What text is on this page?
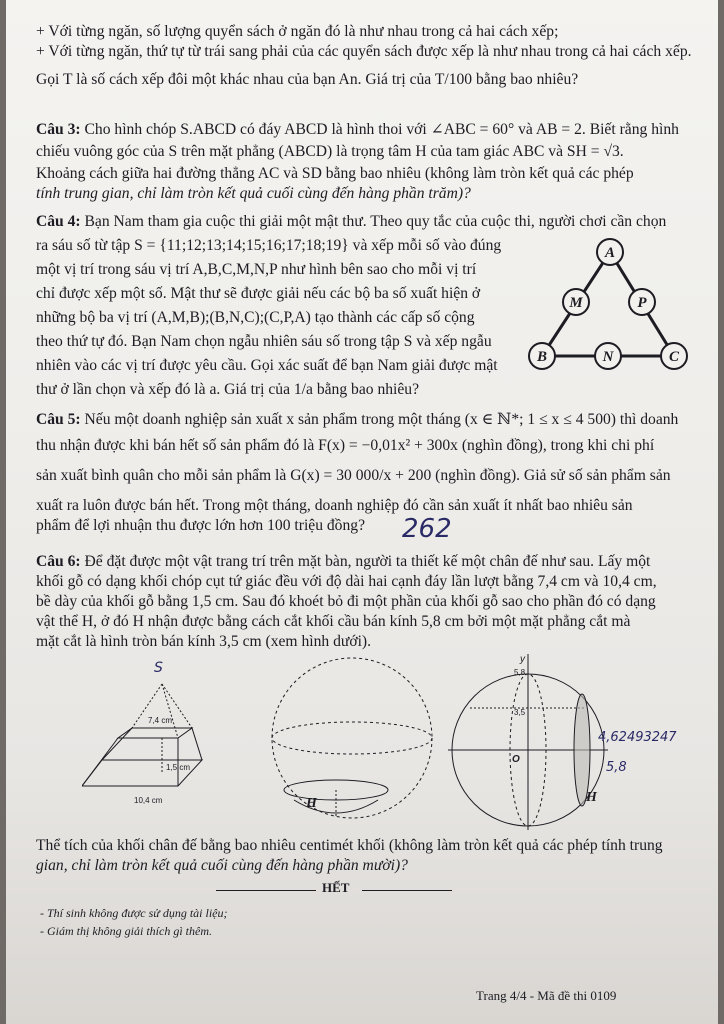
+ Với từng ngăn, số lượng quyển sách ở ngăn đó là như nhau trong cả hai cách xếp;
+ Với từng ngăn, thứ tự từ trái sang phải của các quyển sách được xếp là như nhau trong cả hai cách xếp.
Gọi T là số cách xếp đôi một khác nhau của bạn An. Giá trị của T/100 bằng bao nhiêu?
Câu 3: Cho hình chóp S.ABCD có đáy ABCD là hình thoi với ∠ABC = 60° và AB = 2. Biết rằng hình
chiếu vuông góc của S trên mặt phẳng (ABCD) là trọng tâm H của tam giác ABC và SH = √3.
Khoảng cách giữa hai đường thẳng AC và SD bằng bao nhiêu (không làm tròn kết quả các phép
tính trung gian, chỉ làm tròn kết quả cuối cùng đến hàng phần trăm)?
Câu 4: Bạn Nam tham gia cuộc thi giải một mật thư. Theo quy tắc của cuộc thi, người chơi cần chọn
ra sáu số từ tập S = {11;12;13;14;15;16;17;18;19} và xếp mỗi số vào đúng
một vị trí trong sáu vị trí A,B,C,M,N,P như hình bên sao cho mỗi vị trí
chỉ được xếp một số. Mật thư sẽ được giải nếu các bộ ba số xuất hiện ở
những bộ ba vị trí (A,M,B);(B,N,C);(C,P,A) tạo thành các cấp số cộng
theo thứ tự đó. Bạn Nam chọn ngẫu nhiên sáu số trong tập S và xếp ngẫu
nhiên vào các vị trí được yêu cầu. Gọi xác suất để bạn Nam giải được mật
thư ở lần chọn và xếp đó là a. Giá trị của 1/a bằng bao nhiêu?
A
M	P
B	N	C
Câu 5: Nếu một doanh nghiệp sản xuất x sản phẩm trong một tháng (x ∈ ℕ*; 1 ≤ x ≤ 4 500) thì doanh
thu nhận được khi bán hết số sản phẩm đó là F(x) = −0,01x² + 300x (nghìn đồng), trong khi chi phí
sản xuất bình quân cho mỗi sản phẩm là G(x) = 30 000/x + 200 (nghìn đồng). Giả sử số sản phẩm sản
xuất ra luôn được bán hết. Trong một tháng, doanh nghiệp đó cần sản xuất ít nhất bao nhiêu sản
phẩm để lợi nhuận thu được lớn hơn 100 triệu đồng?	262
Câu 6: Để đặt được một vật trang trí trên mặt bàn, người ta thiết kế một chân đế như sau. Lấy một
khối gỗ có dạng khối chóp cụt tứ giác đều với độ dài hai cạnh đáy lần lượt bằng 7,4 cm và 10,4 cm,
bề dày của khối gỗ bằng 1,5 cm. Sau đó khoét bỏ đi một phần của khối gỗ sao cho phần đó có dạng
vật thể H, ở đó H nhận được bằng cách cắt khối cầu bán kính 5,8 cm bởi một mặt phẳng cắt mà
mặt cắt là hình tròn bán kính 3,5 cm (xem hình dưới).
7,4 cm
1,5 cm
10,4 cm
S
H
y
5,8
3,5
O
H
4,62493247
5,8
Thể tích của khối chân đế bằng bao nhiêu centimét khối (không làm tròn kết quả các phép tính trung
gian, chỉ làm tròn kết quả cuối cùng đến hàng phần mười)?
HẾT
- Thí sinh không được sử dụng tài liệu;
- Giám thị không giải thích gì thêm.
Trang 4/4 - Mã đề thi 0109
